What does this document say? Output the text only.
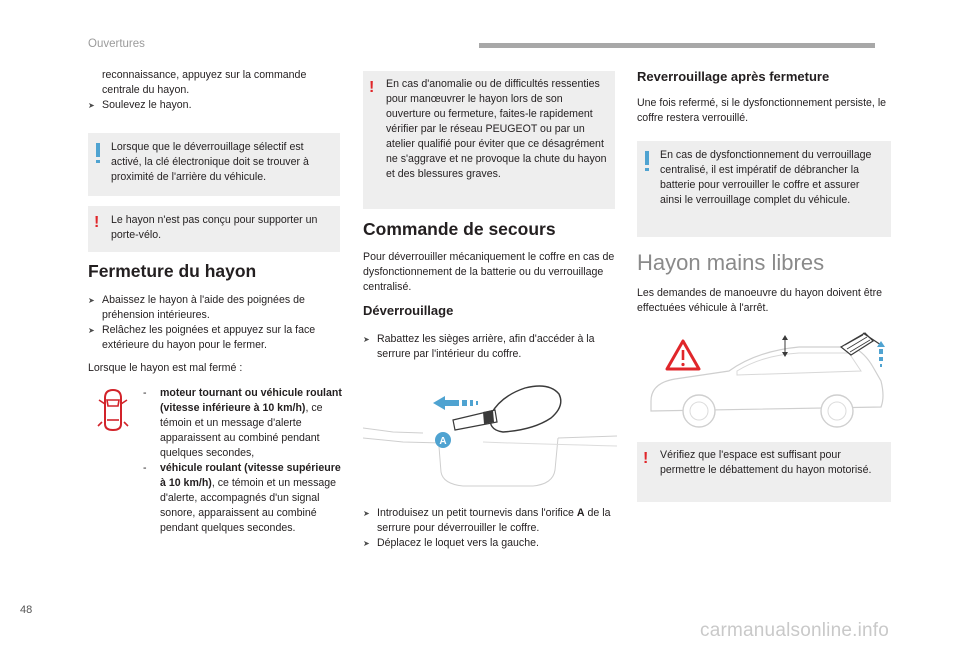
Ouvertures

reconnaissance, appuyez sur la commande
centrale du hayon.

➤ Soulevez le hayon.

Lorsque que le déverrouillage sélectif est activé, la clé électronique doit se trouver à proximité de l'arrière du véhicule.
! Le hayon n'est pas conçu pour supporter un porte-vélo.
Fermeture du hayon

➤ Abaissez le hayon à l'aide des poignées de préhension intérieures.

➤ Relâchez les poignées et appuyez sur la face extérieure du hayon pour le fermer.

Lorsque le hayon est mal fermé :

- moteur tournant ou véhicule roulant (vitesse inférieure à 10 km/h), ce témoin et un message d'alerte apparaissent au combiné pendant quelques secondes,
- véhicule roulant (vitesse supérieure à 10 km/h), ce témoin et un message d'alerte, accompagnés d'un signal sonore, apparaissent au combiné pendant quelques secondes.
! En cas d'anomalie ou de difficultés ressenties pour manœuvrer le hayon lors de son ouverture ou fermeture, faites-le rapidement vérifier par le réseau PEUGEOT ou par un atelier qualifié pour éviter que ce désagrément ne s'aggrave et ne provoque la chute du hayon et des blessures graves.
Commande de secours
Pour déverrouiller mécaniquement le coffre en cas de dysfonctionnement de la batterie ou du verrouillage centralisé.
Déverrouillage

➤ Rabattez les sièges arrière, afin d'accéder à la serrure par l'intérieur du coffre.

A

➤ Introduisez un petit tournevis dans l'orifice A de la serrure pour déverrouiller le coffre.

➤ Déplacez le loquet vers la gauche.

Reverrouillage après fermeture
Une fois refermé, si le dysfonctionnement persiste, le coffre restera verrouillé.
En cas de dysfonctionnement du verrouillage centralisé, il est impératif de débrancher la batterie pour verrouiller le coffre et assurer ainsi le verrouillage complet du véhicule.
Hayon mains libres
Les demandes de manoeuvre du hayon doivent être effectuées véhicule à l'arrêt.
! Vérifiez que l'espace est suffisant pour permettre le débattement du hayon motorisé.
48
carmanualsonline.info
